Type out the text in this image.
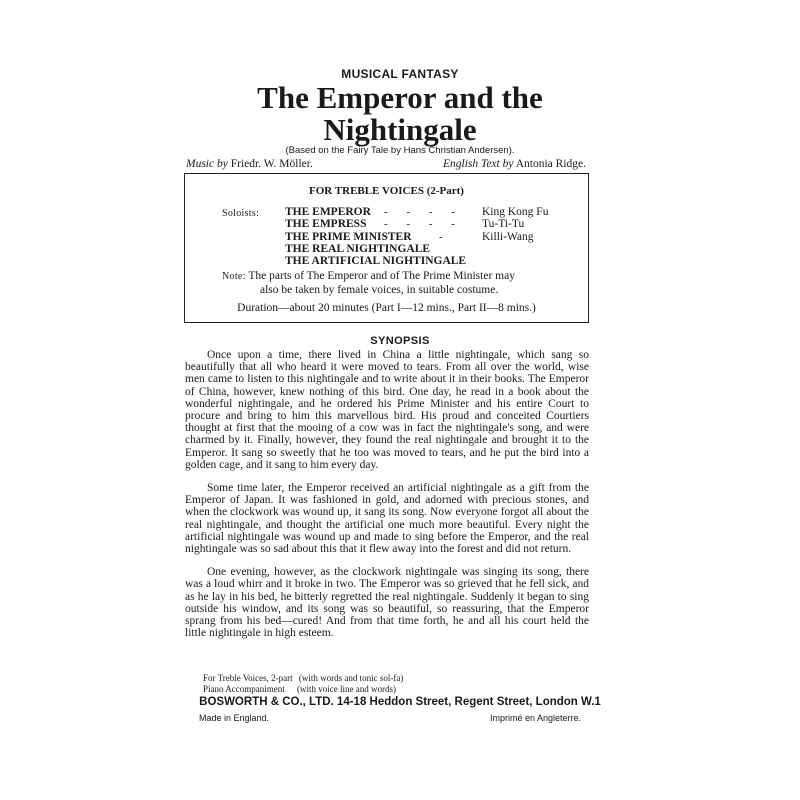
MUSICAL FANTASY
The Emperor and the
Nightingale
(Based on the Fairy Tale by Hans Christian Andersen).
Music by Friedr. W. Möller.	English Text by Antonia Ridge.
FOR TREBLE VOICES (2-Part)
Soloists: THE EMPEROR
THE EMPRESS
THE PRIME MINISTER
THE REAL NIGHTINGALE
THE ARTIFICIAL NIGHTINGALE
- - - -
- - - -
-
King Kong Fu
Tu-Ti-Tu
Killi-Wang
Note: The parts of The Emperor and of The Prime Minister may
also be taken by female voices, in suitable costume.
Duration—about 20 minutes (Part I—12 mins., Part II—8 mins.)
SYNOPSIS

Once upon a time, there lived in China a little nightingale, which sang so beautifully that all who heard it were moved to tears. From all over the world, wise men came to listen to this nightingale and to write about it in their books. The Emperor of China, however, knew nothing of this bird. One day, he read in a book about the wonderful nightingale, and he ordered his Prime Minister and his entire Court to procure and bring to him this marvellous bird. His proud and conceited Courtiers thought at first that the mooing of a cow was in fact the nightingale's song, and were charmed by it. Finally, however, they found the real nightingale and brought it to the Emperor. It sang so sweetly that he too was moved to tears, and he put the bird into a golden cage, and it sang to him every day.

Some time later, the Emperor received an artificial nightingale as a gift from the Emperor of Japan. It was fashioned in gold, and adorned with precious stones, and when the clockwork was wound up, it sang its song. Now everyone forgot all about the real nightingale, and thought the artificial one much more beautiful. Every night the artificial nightingale was wound up and made to sing before the Emperor, and the real nightingale was so sad about this that it flew away into the forest and did not return.

One evening, however, as the clockwork nightingale was singing its song, there was a loud whirr and it broke in two. The Emperor was so grieved that he fell sick, and as he lay in his bed, he bitterly regretted the real nightingale. Suddenly it began to sing outside his window, and its song was so beautiful, so reassuring, that the Emperor sprang from his bed—cured! And from that time forth, he and all his court held the little nightingale in high esteem.

For Treble Voices, 2-part (with words and tonic sol-fa)
Piano Accompaniment (with voice line and words)
BOSWORTH & CO., LTD. 14-18 Heddon Street, Regent Street, London W.1
Made in England.	Imprimé en Angleterre.
